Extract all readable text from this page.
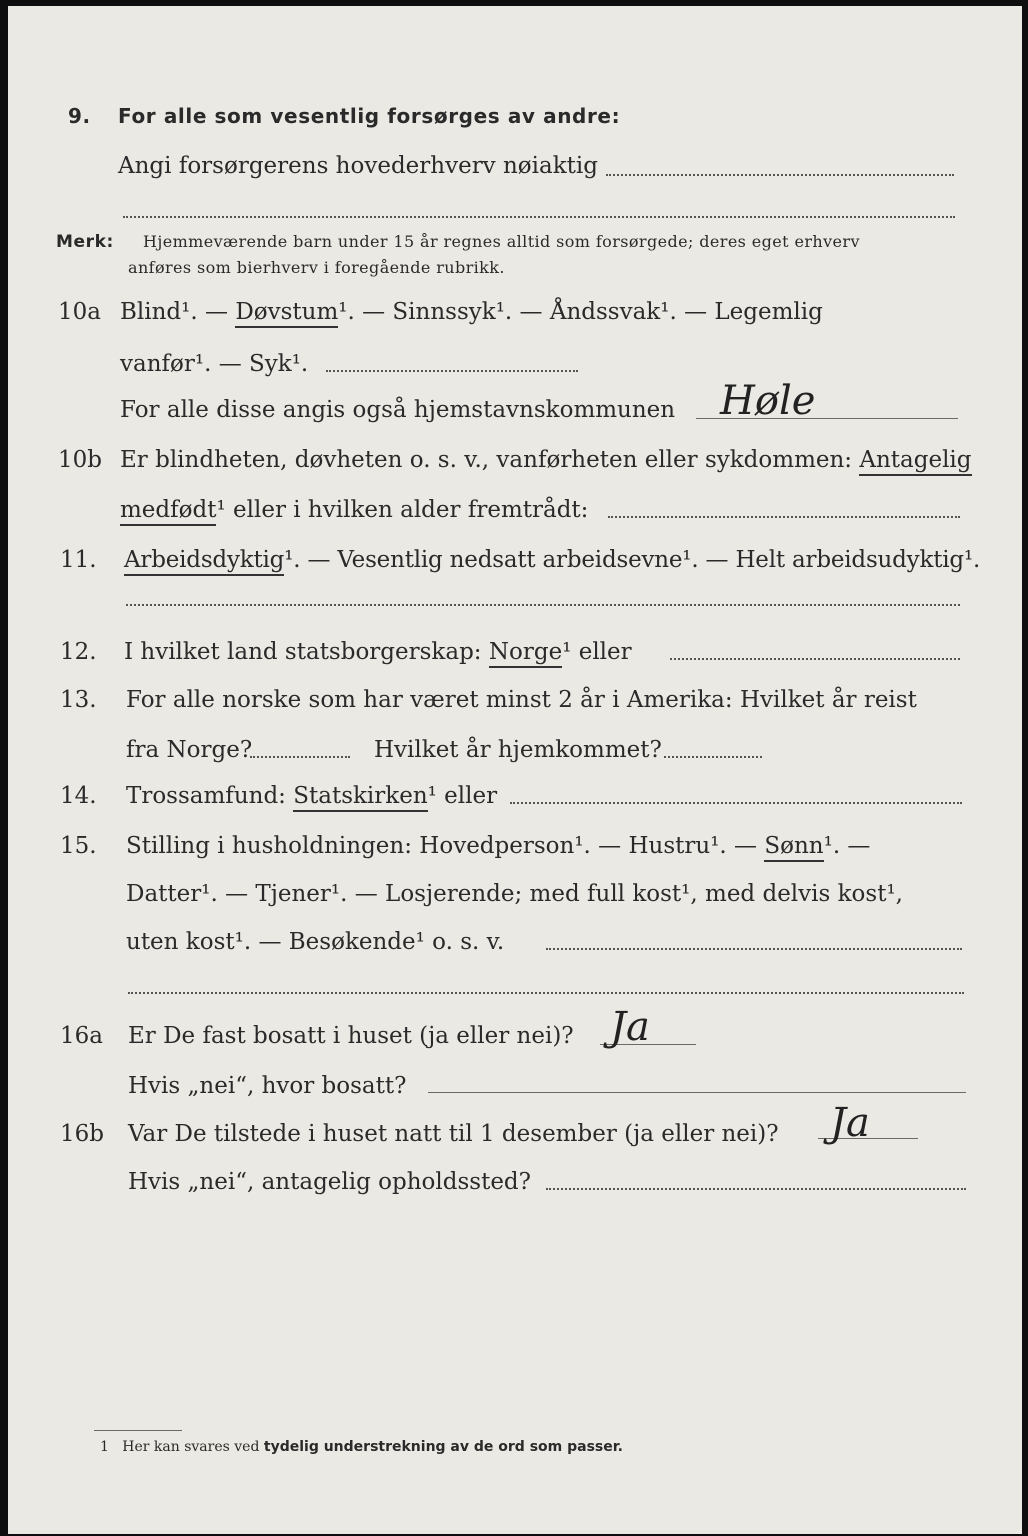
9. For alle som vesentlig forsørges av andre:
Angi forsørgerens hovederhverv nøiaktig
Merk: Hjemmeværende barn under 15 år regnes alltid som forsørgede; deres eget erhverv
anføres som bierhverv i foregående rubrikk.
10a Blind¹. — Døvstum¹. — Sinnssyk¹. — Åndssvak¹. — Legemlig
vanfør¹. — Syk¹.
For alle disse angis også hjemstavnskommunen Høle
10b Er blindheten, døvheten o. s. v., vanførheten eller sykdommen: Antagelig
medfødt¹ eller i hvilken alder fremtrådt:
11. Arbeidsdyktig¹. — Vesentlig nedsatt arbeidsevne¹. — Helt arbeidsudyktig¹.
12. I hvilket land statsborgerskap: Norge¹ eller
13. For alle norske som har været minst 2 år i Amerika: Hvilket år reist
fra Norge?	Hvilket år hjemkommet?
14. Trossamfund: Statskirken¹ eller
15. Stilling i husholdningen: Hovedperson¹. — Hustru¹. — Sønn¹. —
Datter¹. — Tjener¹. — Losjerende; med full kost¹, med delvis kost¹,
uten kost¹. — Besøkende¹ o. s. v.
16a Er De fast bosatt i huset (ja eller nei)? Ja
Hvis „nei“, hvor bosatt?
16b Var De tilstede i huset natt til 1 desember (ja eller nei)? Ja
Hvis „nei“, antagelig opholdssted?
1 Her kan svares ved tydelig understrekning av de ord som passer.
